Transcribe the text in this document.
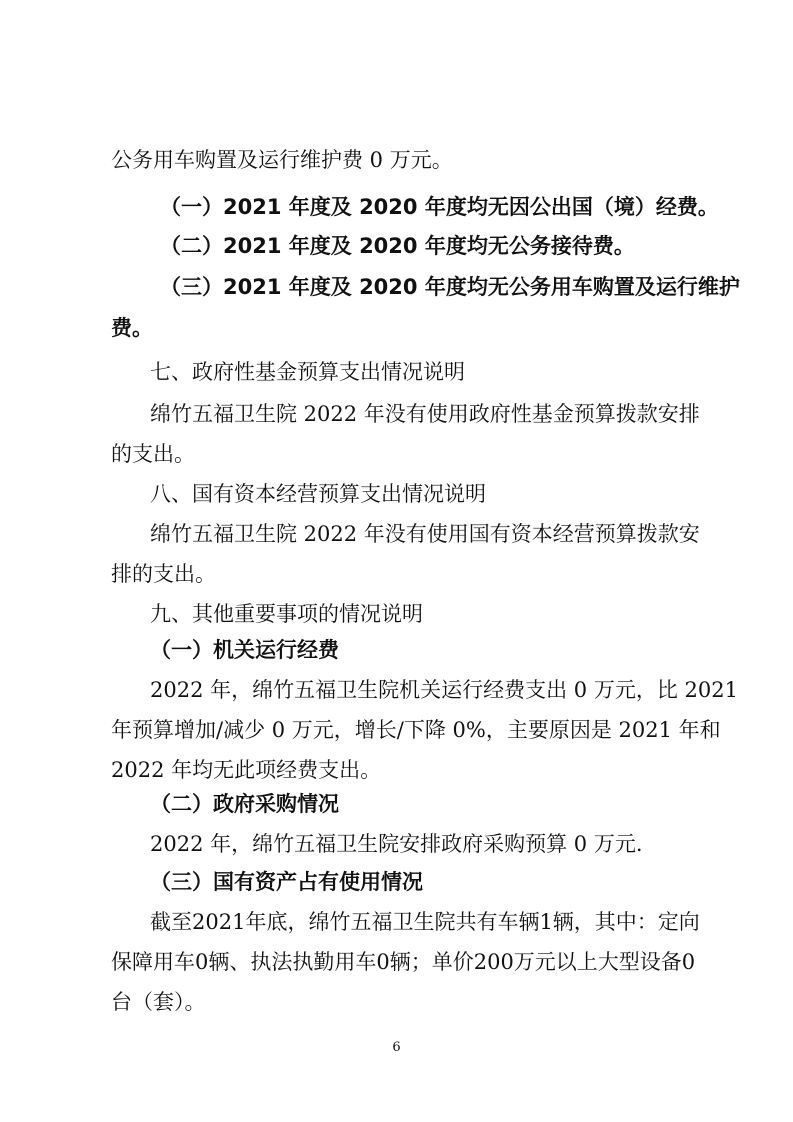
公务用车购置及运行维护费 0 万元。
（一）2021 年度及 2020 年度均无因公出国（境）经费。
（二）2021 年度及 2020 年度均无公务接待费。
（三）2021 年度及 2020 年度均无公务用车购置及运行维护
费。
七、政府性基金预算支出情况说明
绵竹五福卫生院 2022 年没有使用政府性基金预算拨款安排
的支出。
八、国有资本经营预算支出情况说明
绵竹五福卫生院 2022 年没有使用国有资本经营预算拨款安
排的支出。
九、其他重要事项的情况说明
（一）机关运行经费
2022 年，绵竹五福卫生院机关运行经费支出 0 万元，比 2021
年预算增加/减少 0 万元，增长/下降 0%，主要原因是 2021 年和
2022 年均无此项经费支出。
（二）政府采购情况
2022 年，绵竹五福卫生院安排政府采购预算 0 万元.
（三）国有资产占有使用情况
截至2021年底，绵竹五福卫生院共有车辆1辆，其中：定向
保障用车0辆、执法执勤用车0辆；单价200万元以上大型设备0
台（套）。
6
